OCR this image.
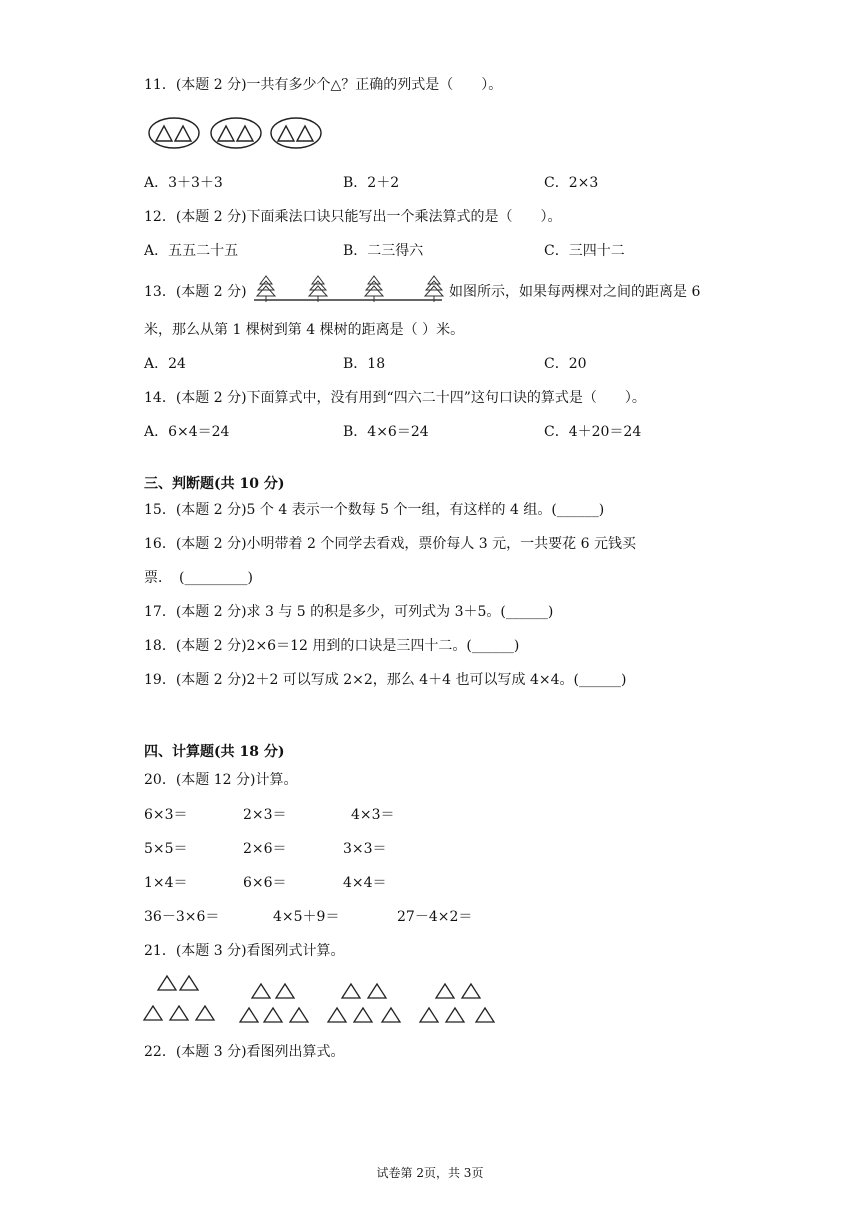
11．(本题 2 分)一共有多少个△？正确的列式是（　　）。
A．3＋3＋3	B．2＋2	C．2×3
12．(本题 2 分)下面乘法口诀只能写出一个乘法算式的是（　　）。
A．五五二十五	B．二三得六	C．三四十二
13．(本题 2 分)	如图所示，如果每两棵对之间的距离是 6
米，那么从第 1 棵树到第 4 棵树的距离是（ ）米。
A．24	B．18	C．20
14．(本题 2 分)下面算式中，没有用到“四六二十四”这句口诀的算式是（　　）。
A．6×4＝24	B．4×6＝24	C．4＋20＝24
三、判断题(共 10 分)
15．(本题 2 分)5 个 4 表示一个数每 5 个一组，有这样的 4 组。(______)
16．(本题 2 分)小明带着 2 个同学去看戏，票价每人 3 元，一共要花 6 元钱买
票．　(_________)
17．(本题 2 分)求 3 与 5 的积是多少，可列式为 3＋5。(______)
18．(本题 2 分)2×6＝12 用到的口诀是三四十二。(______)
19．(本题 2 分)2＋2 可以写成 2×2，那么 4＋4 也可以写成 4×4。(______)
四、计算题(共 18 分)
20．(本题 12 分)计算。
6×3＝	2×3＝	4×3＝
5×5＝	2×6＝	3×3＝
1×4＝	6×6＝	4×4＝
36－3×6＝	4×5＋9＝	27－4×2＝
21．(本题 3 分)看图列式计算。
22．(本题 3 分)看图列出算式。
试卷第 2页，共 3页
